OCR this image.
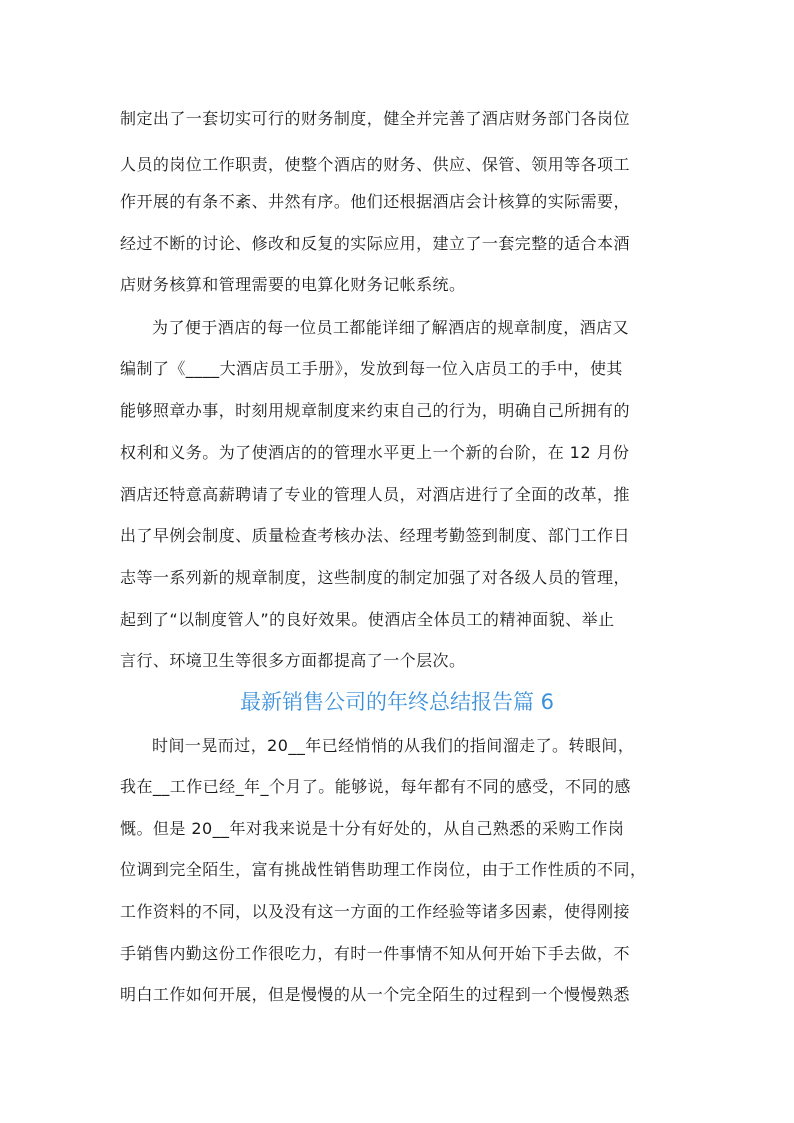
制定出了一套切实可行的财务制度，健全并完善了酒店财务部门各岗位
人员的岗位工作职责，使整个酒店的财务、供应、保管、领用等各项工
作开展的有条不紊、井然有序。他们还根据酒店会计核算的实际需要，
经过不断的讨论、修改和反复的实际应用，建立了一套完整的适合本酒
店财务核算和管理需要的电算化财务记帐系统。
为了便于酒店的每一位员工都能详细了解酒店的规章制度，酒店又
编制了《____大酒店员工手册》，发放到每一位入店员工的手中，使其
能够照章办事，时刻用规章制度来约束自己的行为，明确自己所拥有的
权利和义务。为了使酒店的的管理水平更上一个新的台阶，在 12 月份
酒店还特意高薪聘请了专业的管理人员，对酒店进行了全面的改革，推
出了早例会制度、质量检查考核办法、经理考勤签到制度、部门工作日
志等一系列新的规章制度，这些制度的制定加强了对各级人员的管理，
起到了“以制度管人”的良好效果。使酒店全体员工的精神面貌、举止
言行、环境卫生等很多方面都提高了一个层次。
最新销售公司的年终总结报告篇 6
时间一晃而过，20__年已经悄悄的从我们的指间溜走了。转眼间，
我在__工作已经_年_个月了。能够说，每年都有不同的感受，不同的感
慨。但是 20__年对我来说是十分有好处的，从自己熟悉的采购工作岗
位调到完全陌生，富有挑战性销售助理工作岗位，由于工作性质的不同，
工作资料的不同，以及没有这一方面的工作经验等诸多因素，使得刚接
手销售内勤这份工作很吃力，有时一件事情不知从何开始下手去做，不
明白工作如何开展，但是慢慢的从一个完全陌生的过程到一个慢慢熟悉
